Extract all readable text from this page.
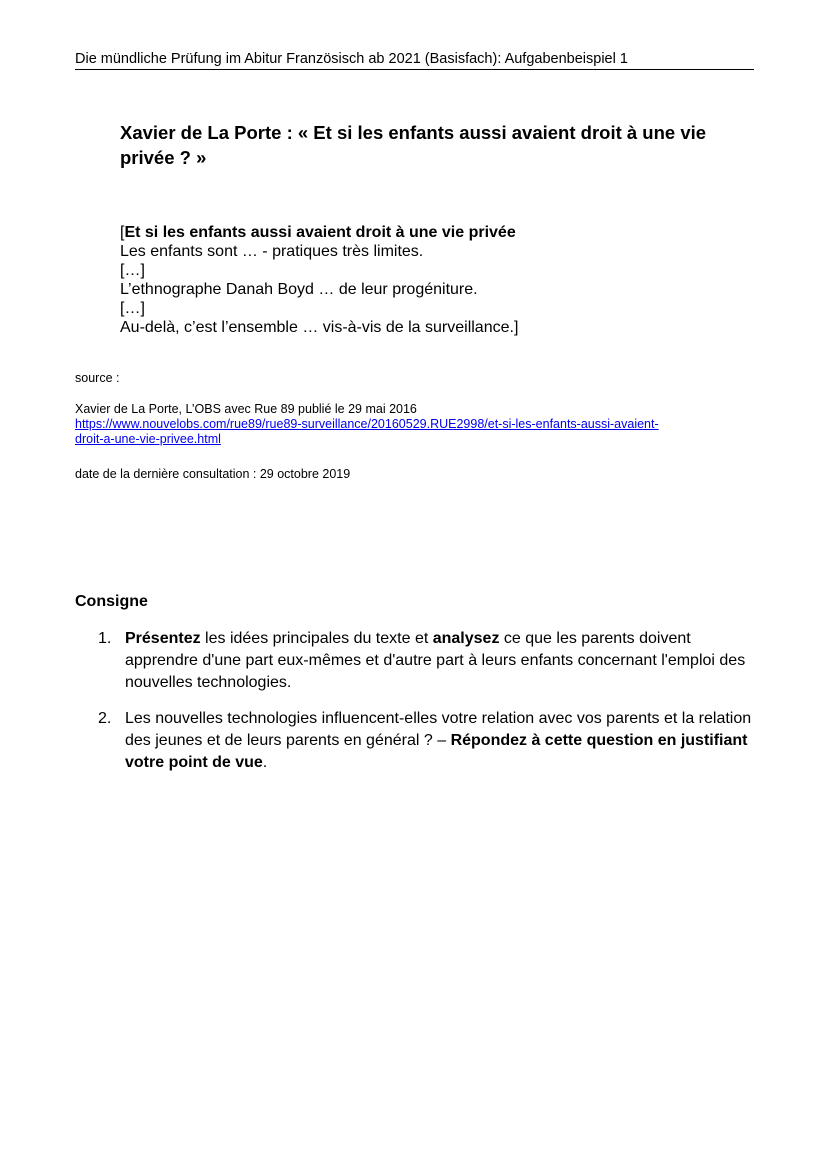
Die mündliche Prüfung im Abitur Französisch ab 2021 (Basisfach): Aufgabenbeispiel 1
Xavier de La Porte : « Et si les enfants aussi avaient droit à une vie
privée ? »
[Et si les enfants aussi avaient droit à une vie privée
Les enfants sont … - pratiques très limites.
[…]
L’ethnographe Danah Boyd … de leur progéniture.
[…]
Au-delà, c’est l’ensemble … vis-à-vis de la surveillance.]
source :
Xavier de La Porte, L’OBS avec Rue 89 publié le 29 mai 2016
https://www.nouvelobs.com/rue89/rue89-surveillance/20160529.RUE2998/et-si-les-enfants-aussi-avaient-
droit-a-une-vie-privee.html
date de la dernière consultation : 29 octobre 2019
Consigne
1. Présentez les idées principales du texte et analysez ce que les parents doivent apprendre d'une part eux-mêmes et d'autre part à leurs enfants concernant l'emploi des nouvelles technologies.
2. Les nouvelles technologies influencent-elles votre relation avec vos parents et la relation des jeunes et de leurs parents en général ? – Répondez à cette question en justifiant votre point de vue.
